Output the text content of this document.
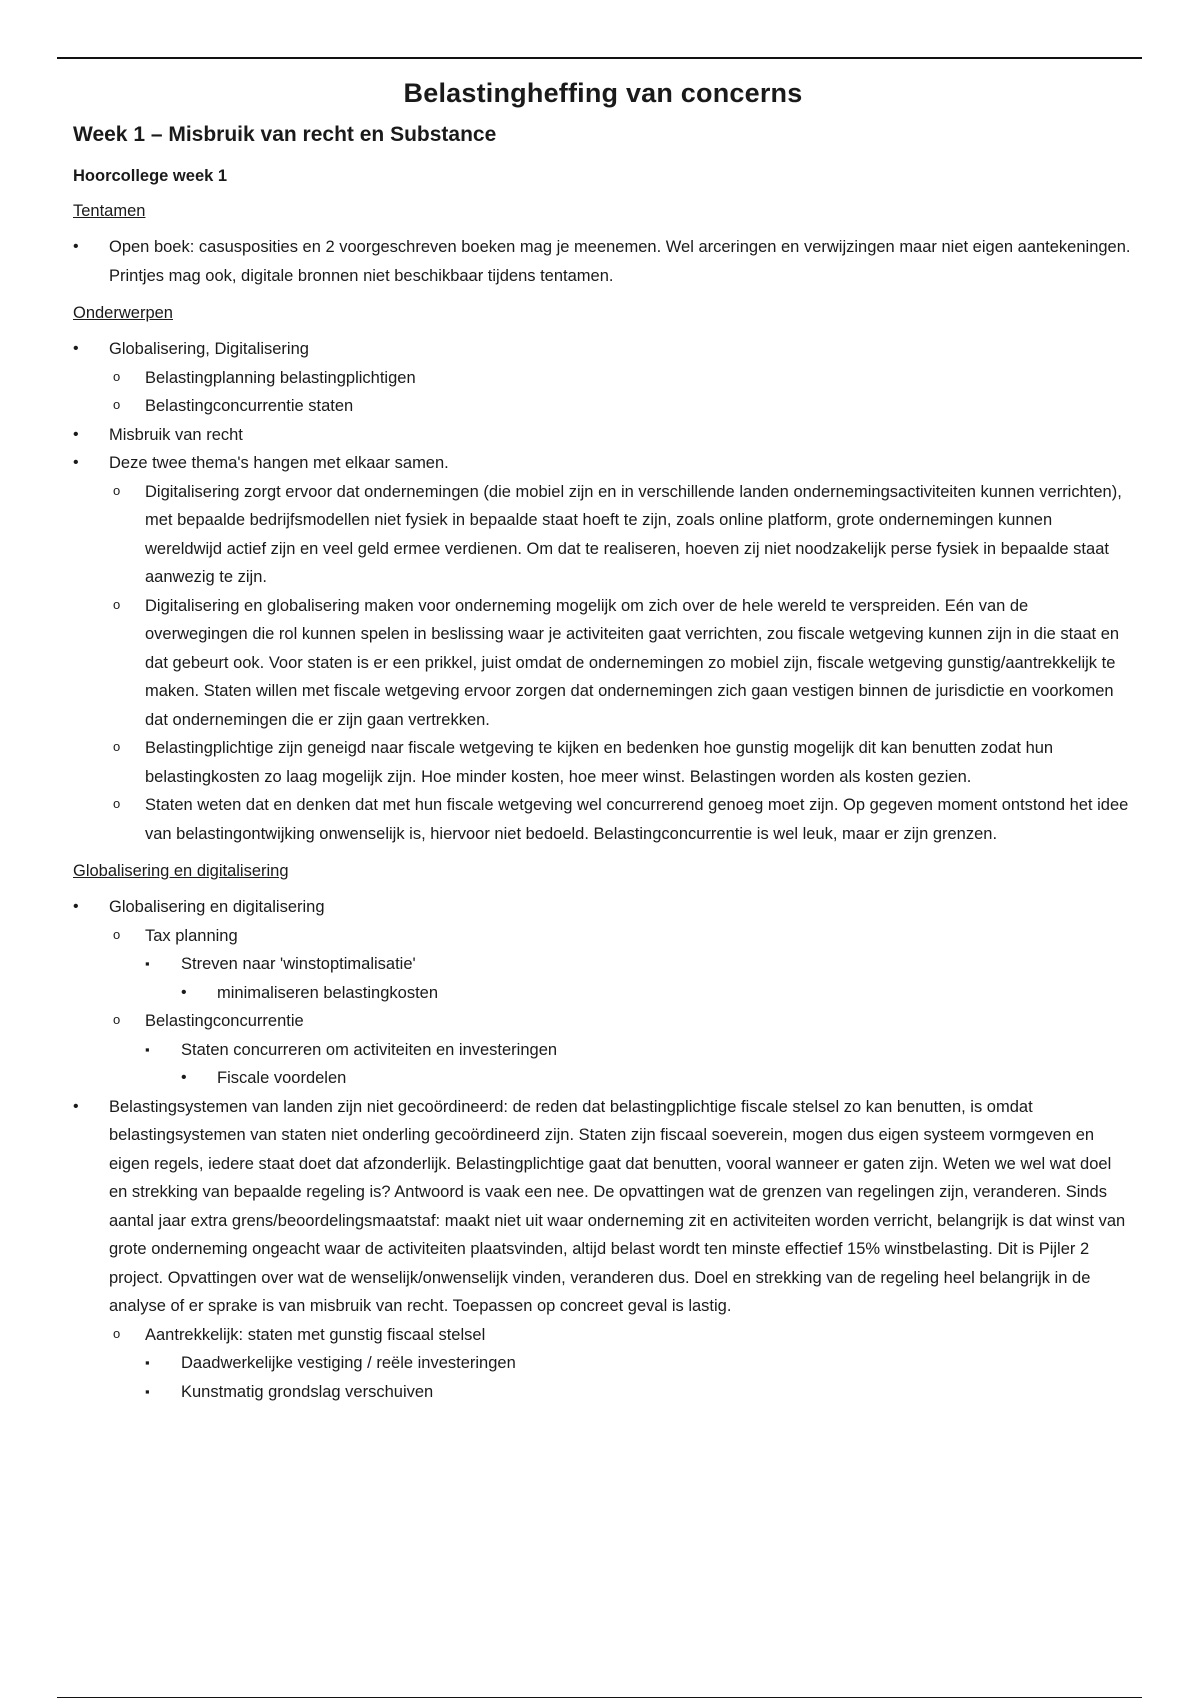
Belastingheffing van concerns
Week 1 – Misbruik van recht en Substance
Hoorcollege week 1
Tentamen
• Open boek: casusposities en 2 voorgeschreven boeken mag je meenemen. Wel arceringen en verwijzingen maar niet eigen aantekeningen. Printjes mag ook, digitale bronnen niet beschikbaar tijdens tentamen.
Onderwerpen
• Globalisering, Digitalisering
o Belastingplanning belastingplichtigen
o Belastingconcurrentie staten
• Misbruik van recht
• Deze twee thema's hangen met elkaar samen.
o Digitalisering zorgt ervoor dat ondernemingen (die mobiel zijn en in verschillende landen ondernemingsactiviteiten kunnen verrichten), met bepaalde bedrijfsmodellen niet fysiek in bepaalde staat hoeft te zijn, zoals online platform, grote ondernemingen kunnen wereldwijd actief zijn en veel geld ermee verdienen. Om dat te realiseren, hoeven zij niet noodzakelijk perse fysiek in bepaalde staat aanwezig te zijn.
o Digitalisering en globalisering maken voor onderneming mogelijk om zich over de hele wereld te verspreiden. Eén van de overwegingen die rol kunnen spelen in beslissing waar je activiteiten gaat verrichten, zou fiscale wetgeving kunnen zijn in die staat en dat gebeurt ook. Voor staten is er een prikkel, juist omdat de ondernemingen zo mobiel zijn, fiscale wetgeving gunstig/aantrekkelijk te maken. Staten willen met fiscale wetgeving ervoor zorgen dat ondernemingen zich gaan vestigen binnen de jurisdictie en voorkomen dat ondernemingen die er zijn gaan vertrekken.
o Belastingplichtige zijn geneigd naar fiscale wetgeving te kijken en bedenken hoe gunstig mogelijk dit kan benutten zodat hun belastingkosten zo laag mogelijk zijn. Hoe minder kosten, hoe meer winst. Belastingen worden als kosten gezien.
o Staten weten dat en denken dat met hun fiscale wetgeving wel concurrerend genoeg moet zijn. Op gegeven moment ontstond het idee van belastingontwijking onwenselijk is, hiervoor niet bedoeld. Belastingconcurrentie is wel leuk, maar er zijn grenzen.
Globalisering en digitalisering
• Globalisering en digitalisering
o Tax planning
▪ Streven naar 'winstoptimalisatie'
• minimaliseren belastingkosten
o Belastingconcurrentie
▪ Staten concurreren om activiteiten en investeringen
• Fiscale voordelen
• Belastingsystemen van landen zijn niet gecoördineerd: de reden dat belastingplichtige fiscale stelsel zo kan benutten, is omdat belastingsystemen van staten niet onderling gecoördineerd zijn. Staten zijn fiscaal soeverein, mogen dus eigen systeem vormgeven en eigen regels, iedere staat doet dat afzonderlijk. Belastingplichtige gaat dat benutten, vooral wanneer er gaten zijn. Weten we wel wat doel en strekking van bepaalde regeling is? Antwoord is vaak een nee. De opvattingen wat de grenzen van regelingen zijn, veranderen. Sinds aantal jaar extra grens/beoordelingsmaatstaf: maakt niet uit waar onderneming zit en activiteiten worden verricht, belangrijk is dat winst van grote onderneming ongeacht waar de activiteiten plaatsvinden, altijd belast wordt ten minste effectief 15% winstbelasting. Dit is Pijler 2 project. Opvattingen over wat de wenselijk/onwenselijk vinden, veranderen dus. Doel en strekking van de regeling heel belangrijk in de analyse of er sprake is van misbruik van recht. Toepassen op concreet geval is lastig.
o Aantrekkelijk: staten met gunstig fiscaal stelsel
▪ Daadwerkelijke vestiging / reële investeringen
▪ Kunstmatig grondslag verschuiven
